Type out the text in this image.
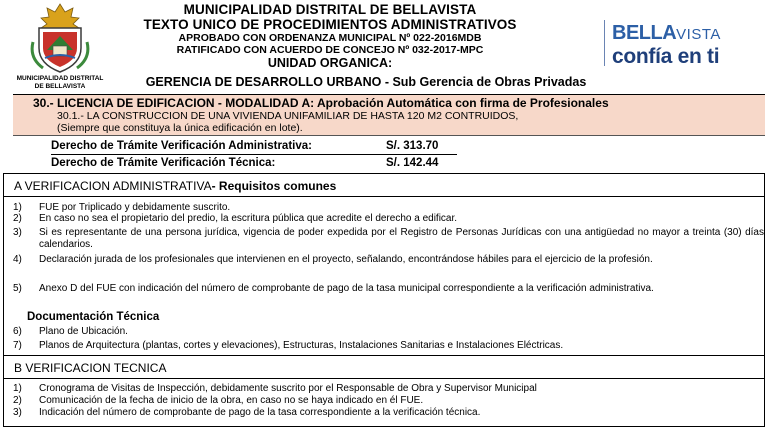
MUNICIPALIDAD DISTRITAL
DE BELLAVISTA
MUNICIPALIDAD DISTRITAL DE BELLAVISTA
TEXTO UNICO DE PROCEDIMIENTOS ADMINISTRATIVOS
APROBADO CON ORDENANZA MUNICIPAL Nº 022-2016MDB
RATIFICADO CON ACUERDO DE CONCEJO Nº 032-2017-MPC
UNIDAD ORGANICA:
GERENCIA DE DESARROLLO URBANO - Sub Gerencia de Obras Privadas
BELLAVISTA
confía en ti
30.- LICENCIA DE EDIFICACION - MODALIDAD A: Aprobación Automática con firma de Profesionales
30.1.- LA CONSTRUCCION DE UNA VIVIENDA UNIFAMILIAR DE HASTA 120 M2 CONTRUIDOS,
(Siempre que constituya la única edificación en lote).
Derecho de Trámite Verificación Administrativa:	S/. 313.70
Derecho de Trámite Verificación Técnica:	S/. 142.44
A VERIFICACION ADMINISTRATIVA- Requisitos comunes
1) FUE por Triplicado y debidamente suscrito.
2) En caso no sea el propietario del predio, la escritura pública que acredite el derecho a edificar.
3) Si es representante de una persona jurídica, vigencia de poder expedida por el Registro de Personas Jurídicas con una antigüedad no mayor a treinta (30) días calendarios.
4) Declaración jurada de los profesionales que intervienen en el proyecto, señalando, encontrándose hábiles para el ejercicio de la profesión.
5) Anexo D del FUE con indicación del número de comprobante de pago de la tasa municipal correspondiente a la verificación administrativa.
Documentación Técnica
6) Plano de Ubicación.
7) Planos de Arquitectura (plantas, cortes y elevaciones), Estructuras, Instalaciones Sanitarias e Instalaciones Eléctricas.
B VERIFICACION TECNICA
1) Cronograma de Visitas de Inspección, debidamente suscrito por el Responsable de Obra y Supervisor Municipal
2) Comunicación de la fecha de inicio de la obra, en caso no se haya indicado en él FUE.
3) Indicación del número de comprobante de pago de la tasa correspondiente a la verificación técnica.
